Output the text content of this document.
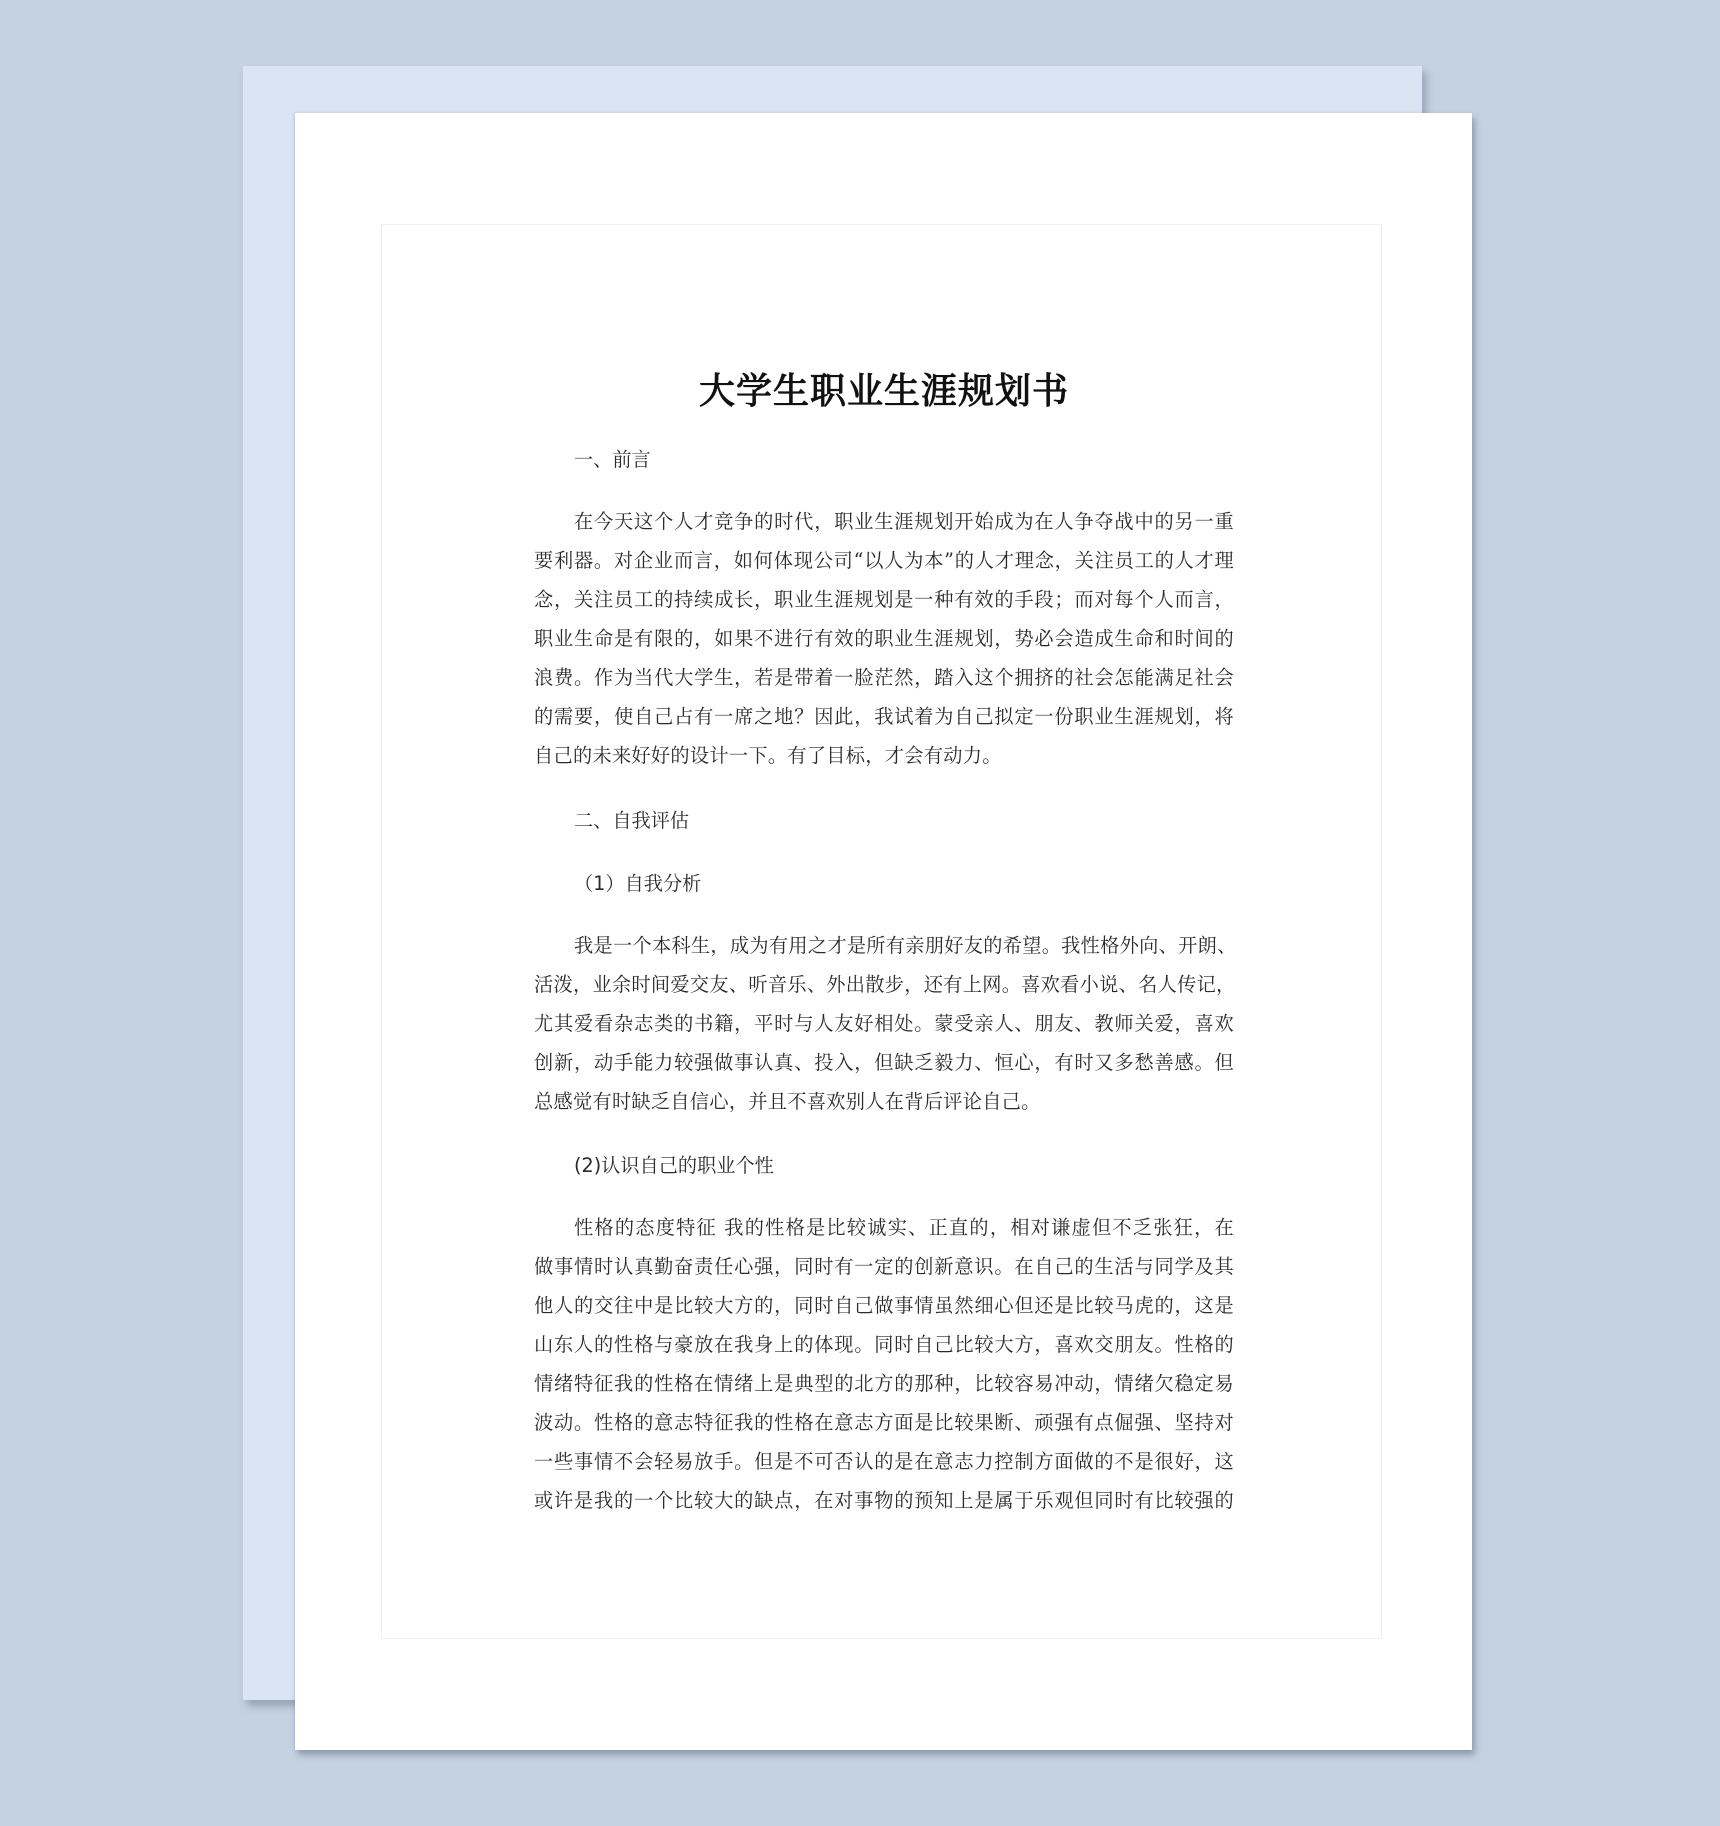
大学生职业生涯规划书
一、前言
在今天这个人才竞争的时代，职业生涯规划开始成为在人争夺战中的另一重
要利器。对企业而言，如何体现公司“以人为本”的人才理念，关注员工的人才理
念，关注员工的持续成长，职业生涯规划是一种有效的手段；而对每个人而言，
职业生命是有限的，如果不进行有效的职业生涯规划，势必会造成生命和时间的
浪费。作为当代大学生，若是带着一脸茫然，踏入这个拥挤的社会怎能满足社会
的需要，使自己占有一席之地？因此，我试着为自己拟定一份职业生涯规划，将
自己的未来好好的设计一下。有了目标，才会有动力。
二、自我评估
（1）自我分析
我是一个本科生，成为有用之才是所有亲朋好友的希望。我性格外向、开朗、
活泼，业余时间爱交友、听音乐、外出散步，还有上网。喜欢看小说、名人传记，
尤其爱看杂志类的书籍，平时与人友好相处。蒙受亲人、朋友、教师关爱，喜欢
创新，动手能力较强做事认真、投入，但缺乏毅力、恒心，有时又多愁善感。但
总感觉有时缺乏自信心，并且不喜欢别人在背后评论自己。
(2)认识自己的职业个性
性格的态度特征 我的性格是比较诚实、正直的，相对谦虚但不乏张狂，在
做事情时认真勤奋责任心强，同时有一定的创新意识。在自己的生活与同学及其
他人的交往中是比较大方的，同时自己做事情虽然细心但还是比较马虎的，这是
山东人的性格与豪放在我身上的体现。同时自己比较大方，喜欢交朋友。性格的
情绪特征我的性格在情绪上是典型的北方的那种，比较容易冲动，情绪欠稳定易
波动。性格的意志特征我的性格在意志方面是比较果断、顽强有点倔强、坚持对
一些事情不会轻易放手。但是不可否认的是在意志力控制方面做的不是很好，这
或许是我的一个比较大的缺点，在对事物的预知上是属于乐观但同时有比较强的
